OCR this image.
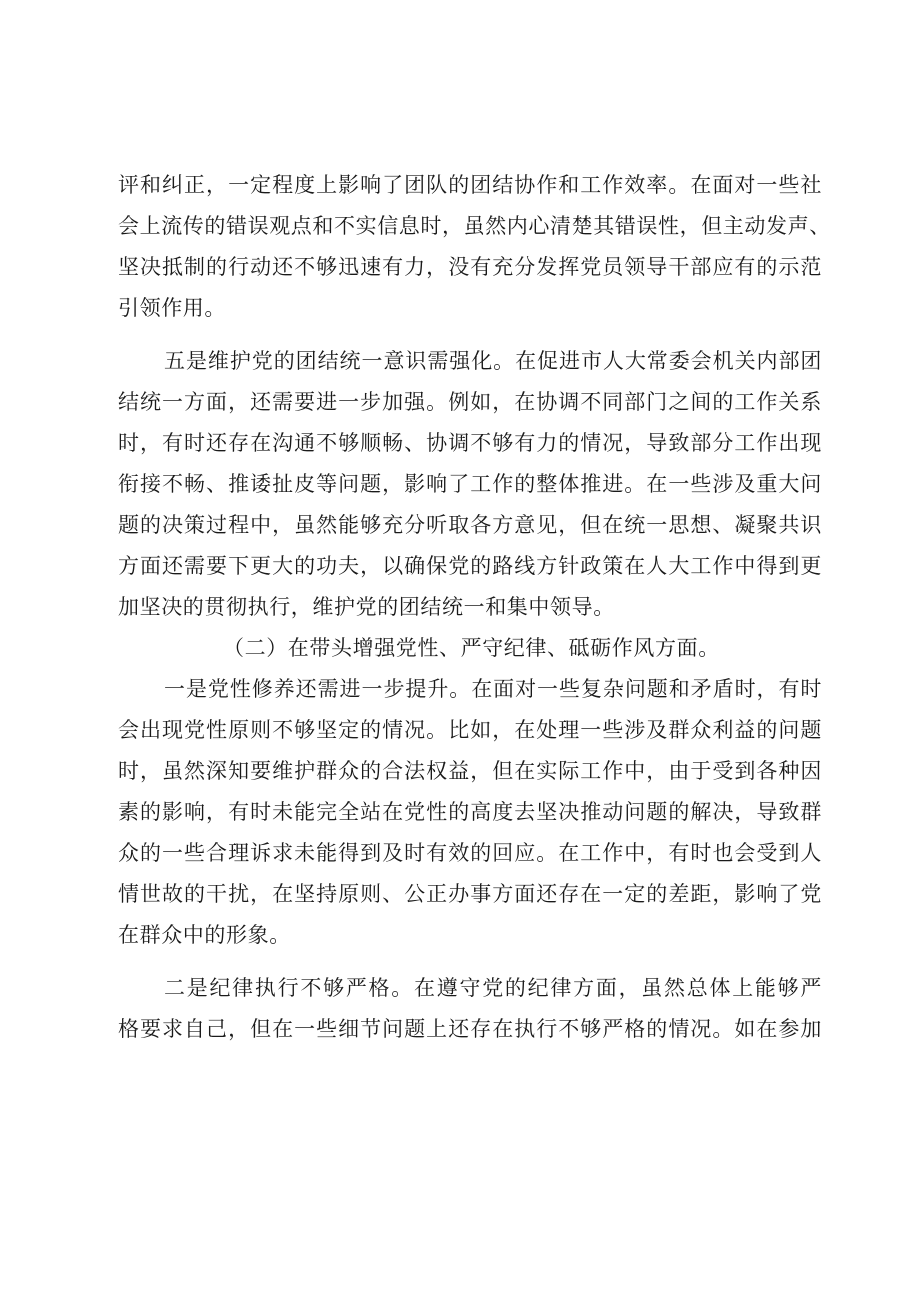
评和纠正，一定程度上影响了团队的团结协作和工作效率。在面对一些社
会上流传的错误观点和不实信息时，虽然内心清楚其错误性，但主动发声、
坚决抵制的行动还不够迅速有力，没有充分发挥党员领导干部应有的示范
引领作用。
五是维护党的团结统一意识需强化。在促进市人大常委会机关内部团
结统一方面，还需要进一步加强。例如，在协调不同部门之间的工作关系
时，有时还存在沟通不够顺畅、协调不够有力的情况，导致部分工作出现
衔接不畅、推诿扯皮等问题，影响了工作的整体推进。在一些涉及重大问
题的决策过程中，虽然能够充分听取各方意见，但在统一思想、凝聚共识
方面还需要下更大的功夫，以确保党的路线方针政策在人大工作中得到更
加坚决的贯彻执行，维护党的团结统一和集中领导。
（二）在带头增强党性、严守纪律、砥砺作风方面。
一是党性修养还需进一步提升。在面对一些复杂问题和矛盾时，有时
会出现党性原则不够坚定的情况。比如，在处理一些涉及群众利益的问题
时，虽然深知要维护群众的合法权益，但在实际工作中，由于受到各种因
素的影响，有时未能完全站在党性的高度去坚决推动问题的解决，导致群
众的一些合理诉求未能得到及时有效的回应。在工作中，有时也会受到人
情世故的干扰，在坚持原则、公正办事方面还存在一定的差距，影响了党
在群众中的形象。
二是纪律执行不够严格。在遵守党的纪律方面，虽然总体上能够严
格要求自己，但在一些细节问题上还存在执行不够严格的情况。如在参加
